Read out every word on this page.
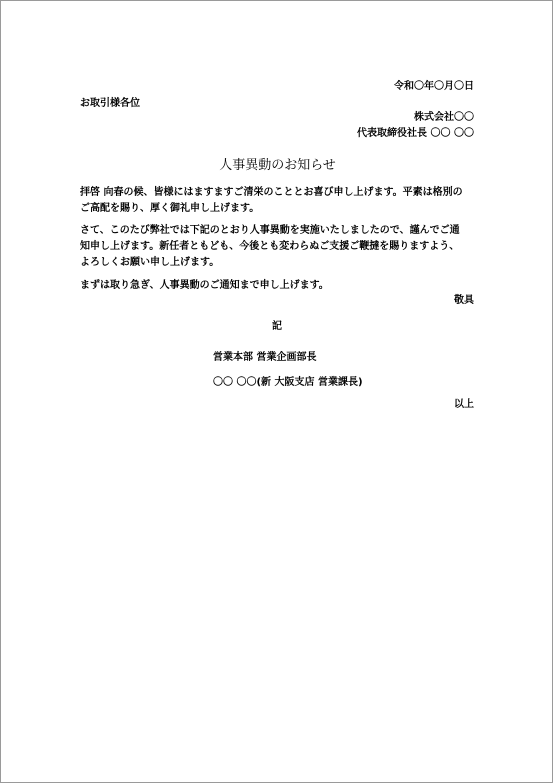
令和〇年〇月〇日
お取引様各位
株式会社〇〇
代表取締役社長 〇〇 〇〇
人事異動のお知らせ
拝啓 向春の候、皆様にはますますご清栄のこととお喜び申し上げます。平素は格別の
ご高配を賜り、厚く御礼申し上げます。
さて、このたび弊社では下記のとおり人事異動を実施いたしましたので、謹んでご通
知申し上げます。新任者ともども、今後とも変わらぬご支援ご鞭撻を賜りますよう、
よろしくお願い申し上げます。
まずは取り急ぎ、人事異動のご通知まで申し上げます。
敬具
記
営業本部 営業企画部長
〇〇 〇〇(新 大阪支店 営業課長)
以上
